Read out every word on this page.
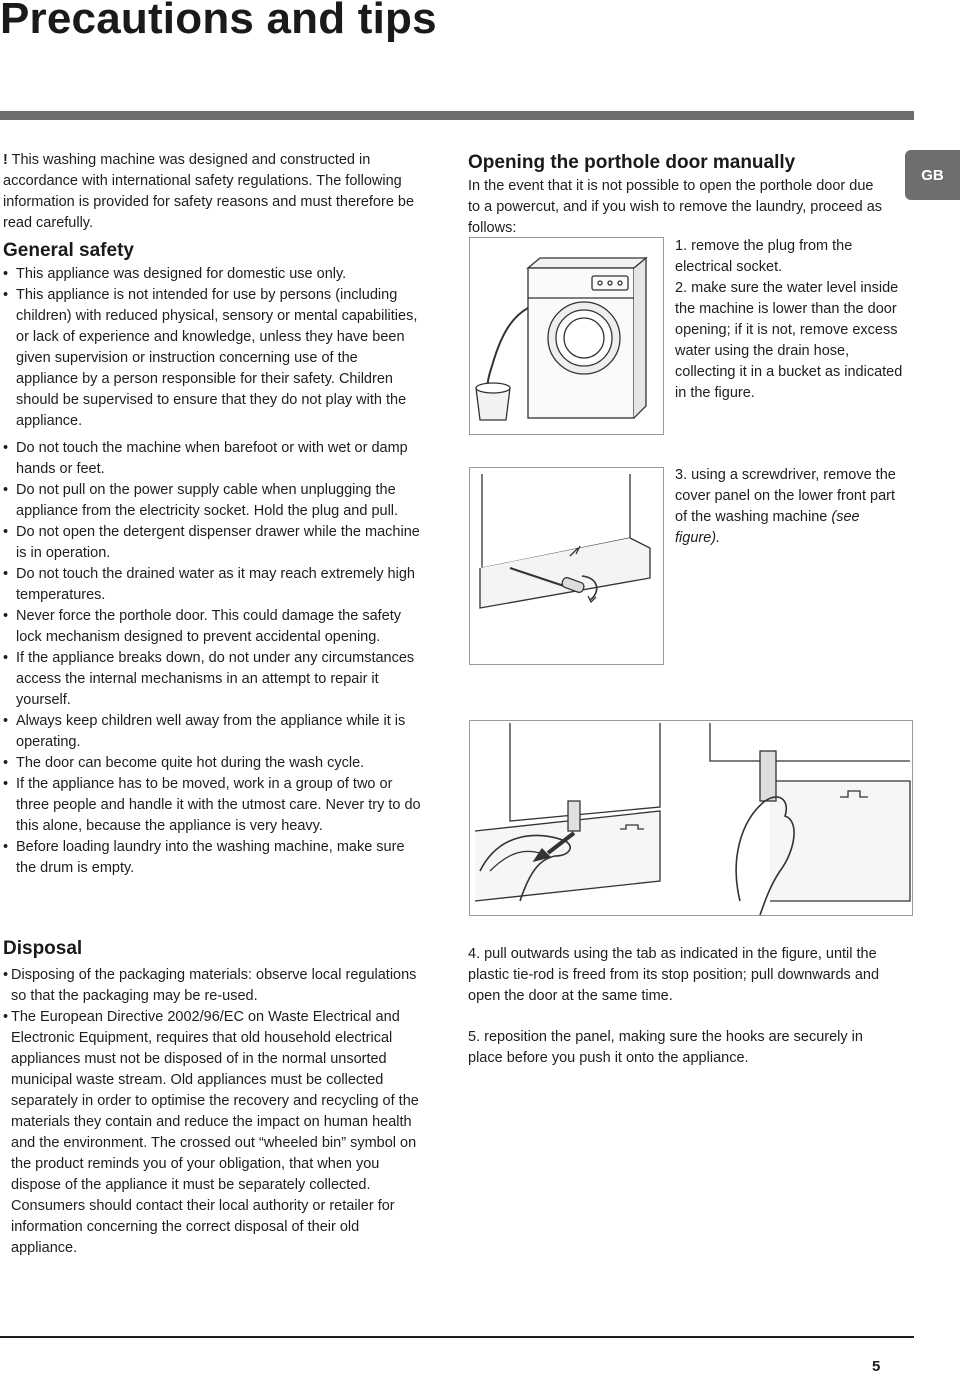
Precautions and tips
GB

! This washing machine was designed and constructed in accordance with international safety regulations. The following information is provided for safety reasons and must therefore be read carefully.

General safety
• This appliance was designed for domestic use only.
• This appliance is not intended for use by persons (including children) with reduced physical, sensory or mental capabilities, or lack of experience and knowledge, unless they have been given supervision or instruction concerning use of the appliance by a person responsible for their safety. Children should be supervised to ensure that they do not play with the appliance.
• Do not touch the machine when barefoot or with wet or damp hands or feet.
• Do not pull on the power supply cable when unplugging the appliance from the electricity socket. Hold the plug and pull.
• Do not open the detergent dispenser drawer while the machine is in operation.
• Do not touch the drained water as it may reach extremely high temperatures.
• Never force the porthole door. This could damage the safety lock mechanism designed to prevent accidental opening.
• If the appliance breaks down, do not under any circumstances access the internal mechanisms in an attempt to repair it yourself.
• Always keep children well away from the appliance while it is operating.
• The door can become quite hot during the wash cycle.
• If the appliance has to be moved, work in a group of two or three people and handle it with the utmost care. Never try to do this alone, because the appliance is very heavy.
• Before loading laundry into the washing machine, make sure the drum is empty.
Disposal
• Disposing of the packaging materials: observe local regulations so that the packaging may be re-used.
• The European Directive 2002/96/EC on Waste Electrical and Electronic Equipment, requires that old household electrical appliances must not be disposed of in the normal unsorted municipal waste stream. Old appliances must be collected separately in order to optimise the recovery and recycling of the materials they contain and reduce the impact on human health and the environment. The crossed out “wheeled bin” symbol on the product reminds you of your obligation, that when you dispose of the appliance it must be separately collected. Consumers should contact their local authority or retailer for information concerning the correct disposal of their old appliance.
Opening the porthole door manually

In the event that it is not possible to open the porthole door due to a powercut, and if you wish to remove the laundry, proceed as follows:

1. remove the plug from the electrical socket.

2. make sure the water level inside the machine is lower than the door opening; if it is not, remove excess water using the drain hose, collecting it in a bucket as indicated in the figure.

3. using a screwdriver, remove the cover panel on the lower front part of the washing machine (see figure).

4. pull outwards using the tab as indicated in the figure, until the plastic tie-rod is freed from its stop position; pull downwards and open the door at the same time.

5. reposition the panel, making sure the hooks are securely in place before you push it onto the appliance.

5
